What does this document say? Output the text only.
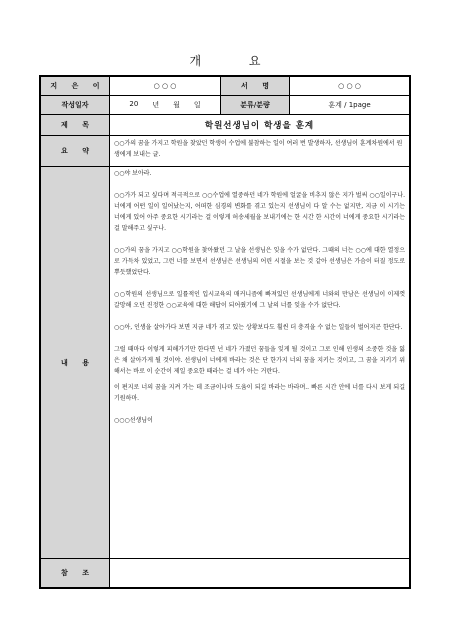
개 요
지 은 이	○ ○ ○	서 명	○ ○ ○
작성일자	20 년 월 일	분류/분량	훈계 / 1page
제 목	학원선생님이 학생을 훈계
요 약
○○가의 꿈을 가지고 학원을 찾았던 학생이 수업에 불참하는 일이 여러 번 발생하자, 선생님이 훈계차원에서 원생에게 보내는 글.
내 용

○○야 보아라.

○○가가 되고 싶다며 적극적으로 ○○수업에 열중하던 네가 학원에 얼굴을 비추지 않은 지가 벌써 ○○일이구나. 너에게 어떤 일이 일어났는지, 어떠한 심경의 변화를 겪고 있는지 선생님이 다 알 수는 없지만, 지금 이 시기는 너에게 있어 아주 중요한 시기라는 걸 이렇게 허송세월을 보내기에는 한 시간 한 시간이 너에게 중요한 시기라는 걸 말해주고 싶구나.

○○가의 꿈을 가지고 ○○학원을 찾아왔던 그 날을 선생님은 잊을 수가 없단다. 그때의 너는 ○○에 대한 열정으로 가득차 있었고, 그런 너를 보면서 선생님은 선생님의 어린 시절을 보는 것 같아 선생님은 가슴이 터질 정도로 뿌듯했었단다.

○○학원의 선생님으로 일률적인 입시교육의 매커니즘에 빠져있던 선생님에게 너와의 만남은 선생님이 이제껏 갈망해 오던 진정한 ○○교육에 대한 해답이 되어줬기에 그 날의 너를 잊을 수가 없단다.

○○아, 인생을 살아가다 보면 지금 네가 겪고 있는 상황보다도 훨씬 더 충격을 수 없는 일들이 벌어지곤 한단다.

그럴 때마다 이렇게 피해가기만 한다면 넌 네가 가졌던 꿈들을 잊게 될 것이고 그로 인해 인생의 소중한 것을 잃은 채 살아가게 될 것이야. 선생님이 너에게 바라는 것은 단 한가지 너의 꿈을 지키는 것이고, 그 꿈을 지키기 위해서는 바로 이 순간이 제일 중요한 때라는 걸 네가 아는 거란다.

이 편지로 너의 꿈을 지켜 가는 데 조금이나마 도움이 되길 바라는 바라며.. 빠른 시간 안에 너를 다시 보게 되길 기원하마.

○○○선생님이

참 조
